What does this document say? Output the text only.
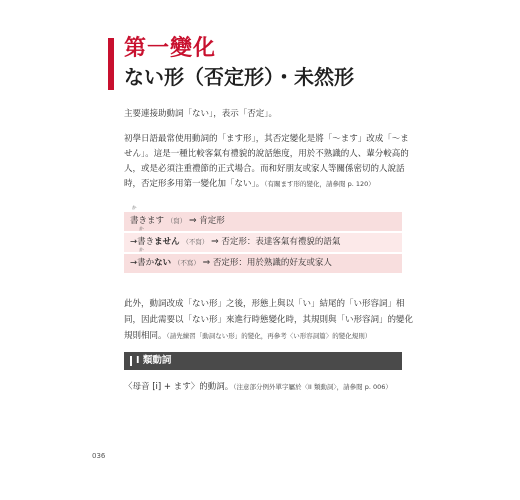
第一變化
ない形（否定形）・未然形
主要連接助動詞「ない」，表示「否定」。
初學日語最常使用動詞的「ます形」，其否定變化是將「～ます」改成「～ません」。這是一種比較客氣有禮貌的說話態度，用於不熟識的人、輩分較高的人，或是必須注重禮節的正式場合。而和好朋友或家人等關係密切的人說話時，否定形多用第一變化加「ない」。（有關ます形的變化，請參閱 p. 120）
か
書きます （寫） ⇒ 肯定形
→
か
書きません （不寫） ⇒ 否定形：表達客氣有禮貌的語氣
→
か
書かない （不寫） ⇒ 否定形：用於熟識的好友或家人
此外，動詞改成「ない形」之後，形態上與以「い」結尾的「い形容詞」相同，因此需要以「ない形」來進行時態變化時，其規則與「い形容詞」的變化規則相同。（請先練習「動詞ない形」的變化，再參考〈い形容詞篇〉的變化規則）
I 類動詞
〈母音 [i] + ます〉的動詞。（注意部分例外單字屬於〈II 類動詞〉，請參閱 p. 006）
036
